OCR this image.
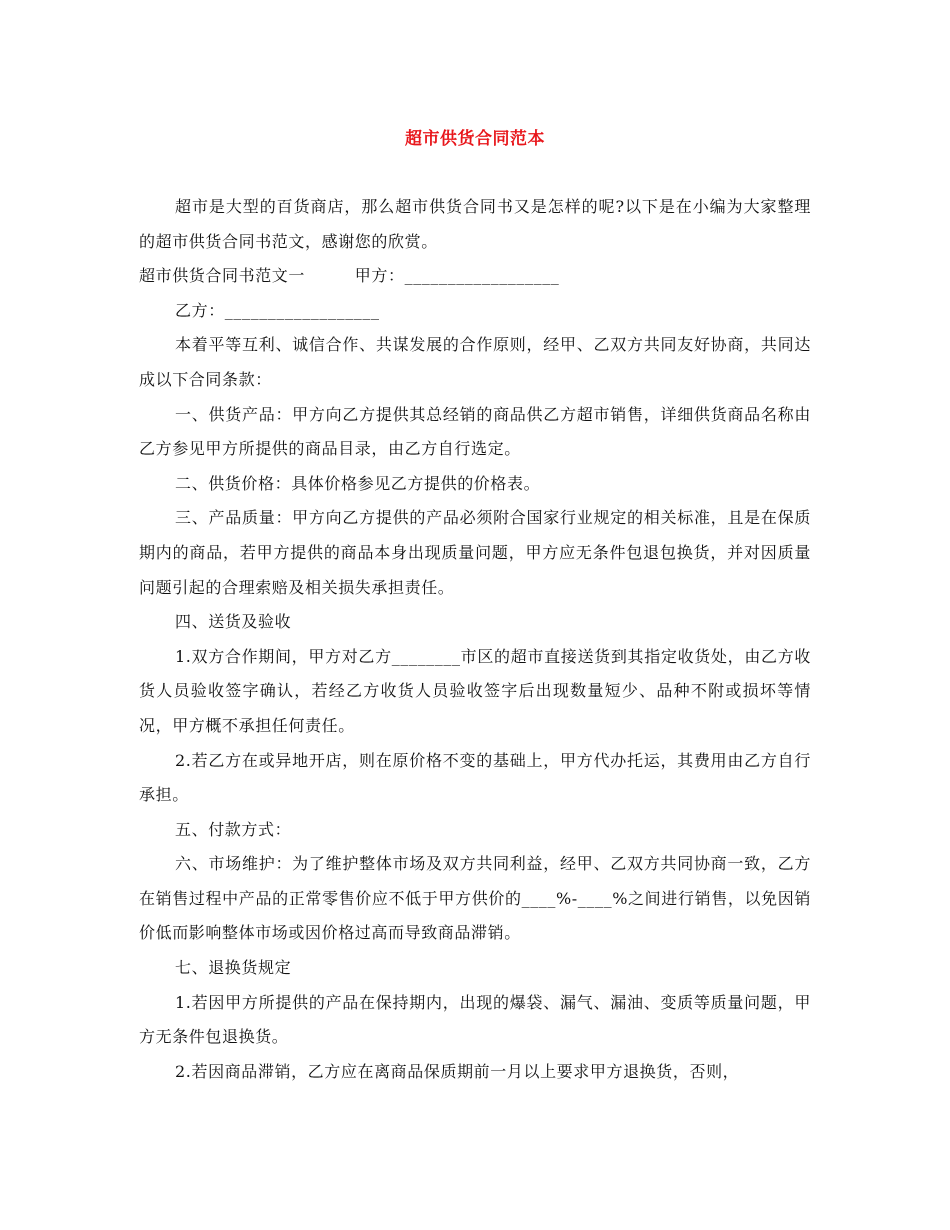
超市供货合同范本

超市是大型的百货商店，那么超市供货合同书又是怎样的呢?以下是在小编为大家整理的超市供货合同书范文，感谢您的欣赏。

超市供货合同书范文一　　　甲方：__________________

乙方：__________________

本着平等互利、诚信合作、共谋发展的合作原则，经甲、乙双方共同友好协商，共同达成以下合同条款：

一、供货产品：甲方向乙方提供其总经销的商品供乙方超市销售，详细供货商品名称由乙方参见甲方所提供的商品目录，由乙方自行选定。

二、供货价格：具体价格参见乙方提供的价格表。

三、产品质量：甲方向乙方提供的产品必须附合国家行业规定的相关标准，且是在保质期内的商品，若甲方提供的商品本身出现质量问题，甲方应无条件包退包换货，并对因质量问题引起的合理索赔及相关损失承担责任。

四、送货及验收

1.双方合作期间，甲方对乙方________市区的超市直接送货到其指定收货处，由乙方收货人员验收签字确认，若经乙方收货人员验收签字后出现数量短少、品种不附或损坏等情况，甲方概不承担任何责任。

2.若乙方在或异地开店，则在原价格不变的基础上，甲方代办托运，其费用由乙方自行承担。

五、付款方式：

六、市场维护：为了维护整体市场及双方共同利益，经甲、乙双方共同协商一致，乙方在销售过程中产品的正常零售价应不低于甲方供价的____%-____%之间进行销售，以免因销价低而影响整体市场或因价格过高而导致商品滞销。

七、退换货规定

1.若因甲方所提供的产品在保持期内，出现的爆袋、漏气、漏油、变质等质量问题，甲方无条件包退换货。

2.若因商品滞销，乙方应在离商品保质期前一月以上要求甲方退换货，否则，
